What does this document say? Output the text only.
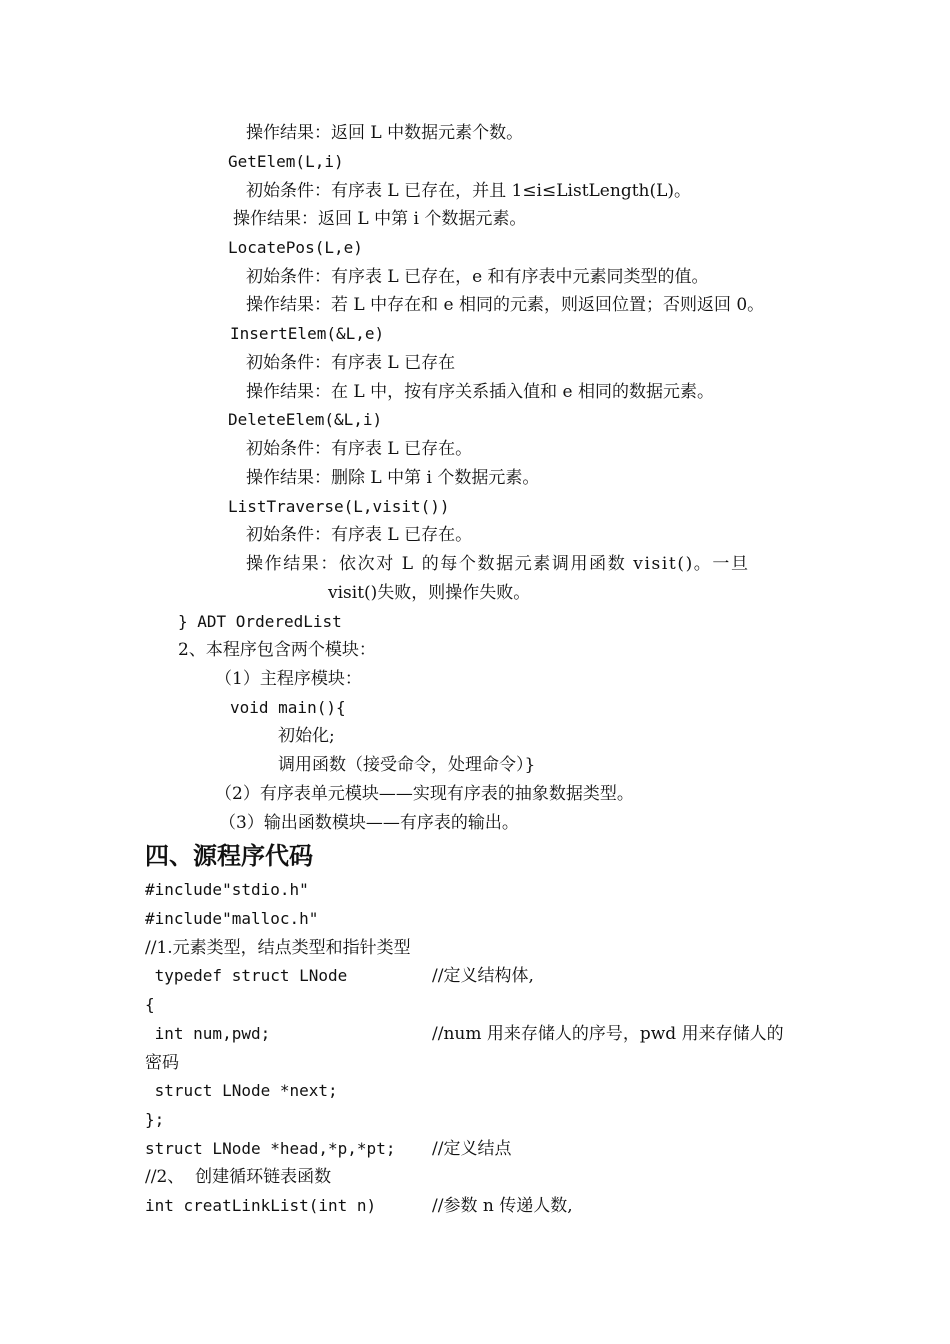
操作结果：返回 L 中数据元素个数。
GetElem(L,i)
初始条件：有序表 L 已存在，并且 1≤i≤ListLength(L)。
操作结果：返回 L 中第 i 个数据元素。
LocatePos(L,e)
初始条件：有序表 L 已存在，e 和有序表中元素同类型的值。
操作结果：若 L 中存在和 e 相同的元素，则返回位置；否则返回 0。
InsertElem(&L,e)
初始条件：有序表 L 已存在
操作结果：在 L 中，按有序关系插入值和 e 相同的数据元素。
DeleteElem(&L,i)
初始条件：有序表 L 已存在。
操作结果：删除 L 中第 i 个数据元素。
ListTraverse(L,visit())
初始条件：有序表 L 已存在。
操作结果：依次对 L 的每个数据元素调用函数 visit()。一旦
visit()失败，则操作失败。
} ADT OrderedList
2、本程序包含两个模块：
（1）主程序模块：
void main(){
初始化;
调用函数（接受命令，处理命令）}
（2）有序表单元模块——实现有序表的抽象数据类型。
（3）输出函数模块——有序表的输出。
四、源程序代码
#include"stdio.h"
#include"malloc.h"
//1.元素类型，结点类型和指针类型
typedef struct LNode	//定义结构体,
{
int num,pwd;	//num 用来存储人的序号，pwd 用来存储人的
密码
struct LNode *next;
};
struct LNode *head,*p,*pt; //定义结点
//2、  创建循环链表函数
int creatLinkList(int n)	//参数 n 传递人数,
